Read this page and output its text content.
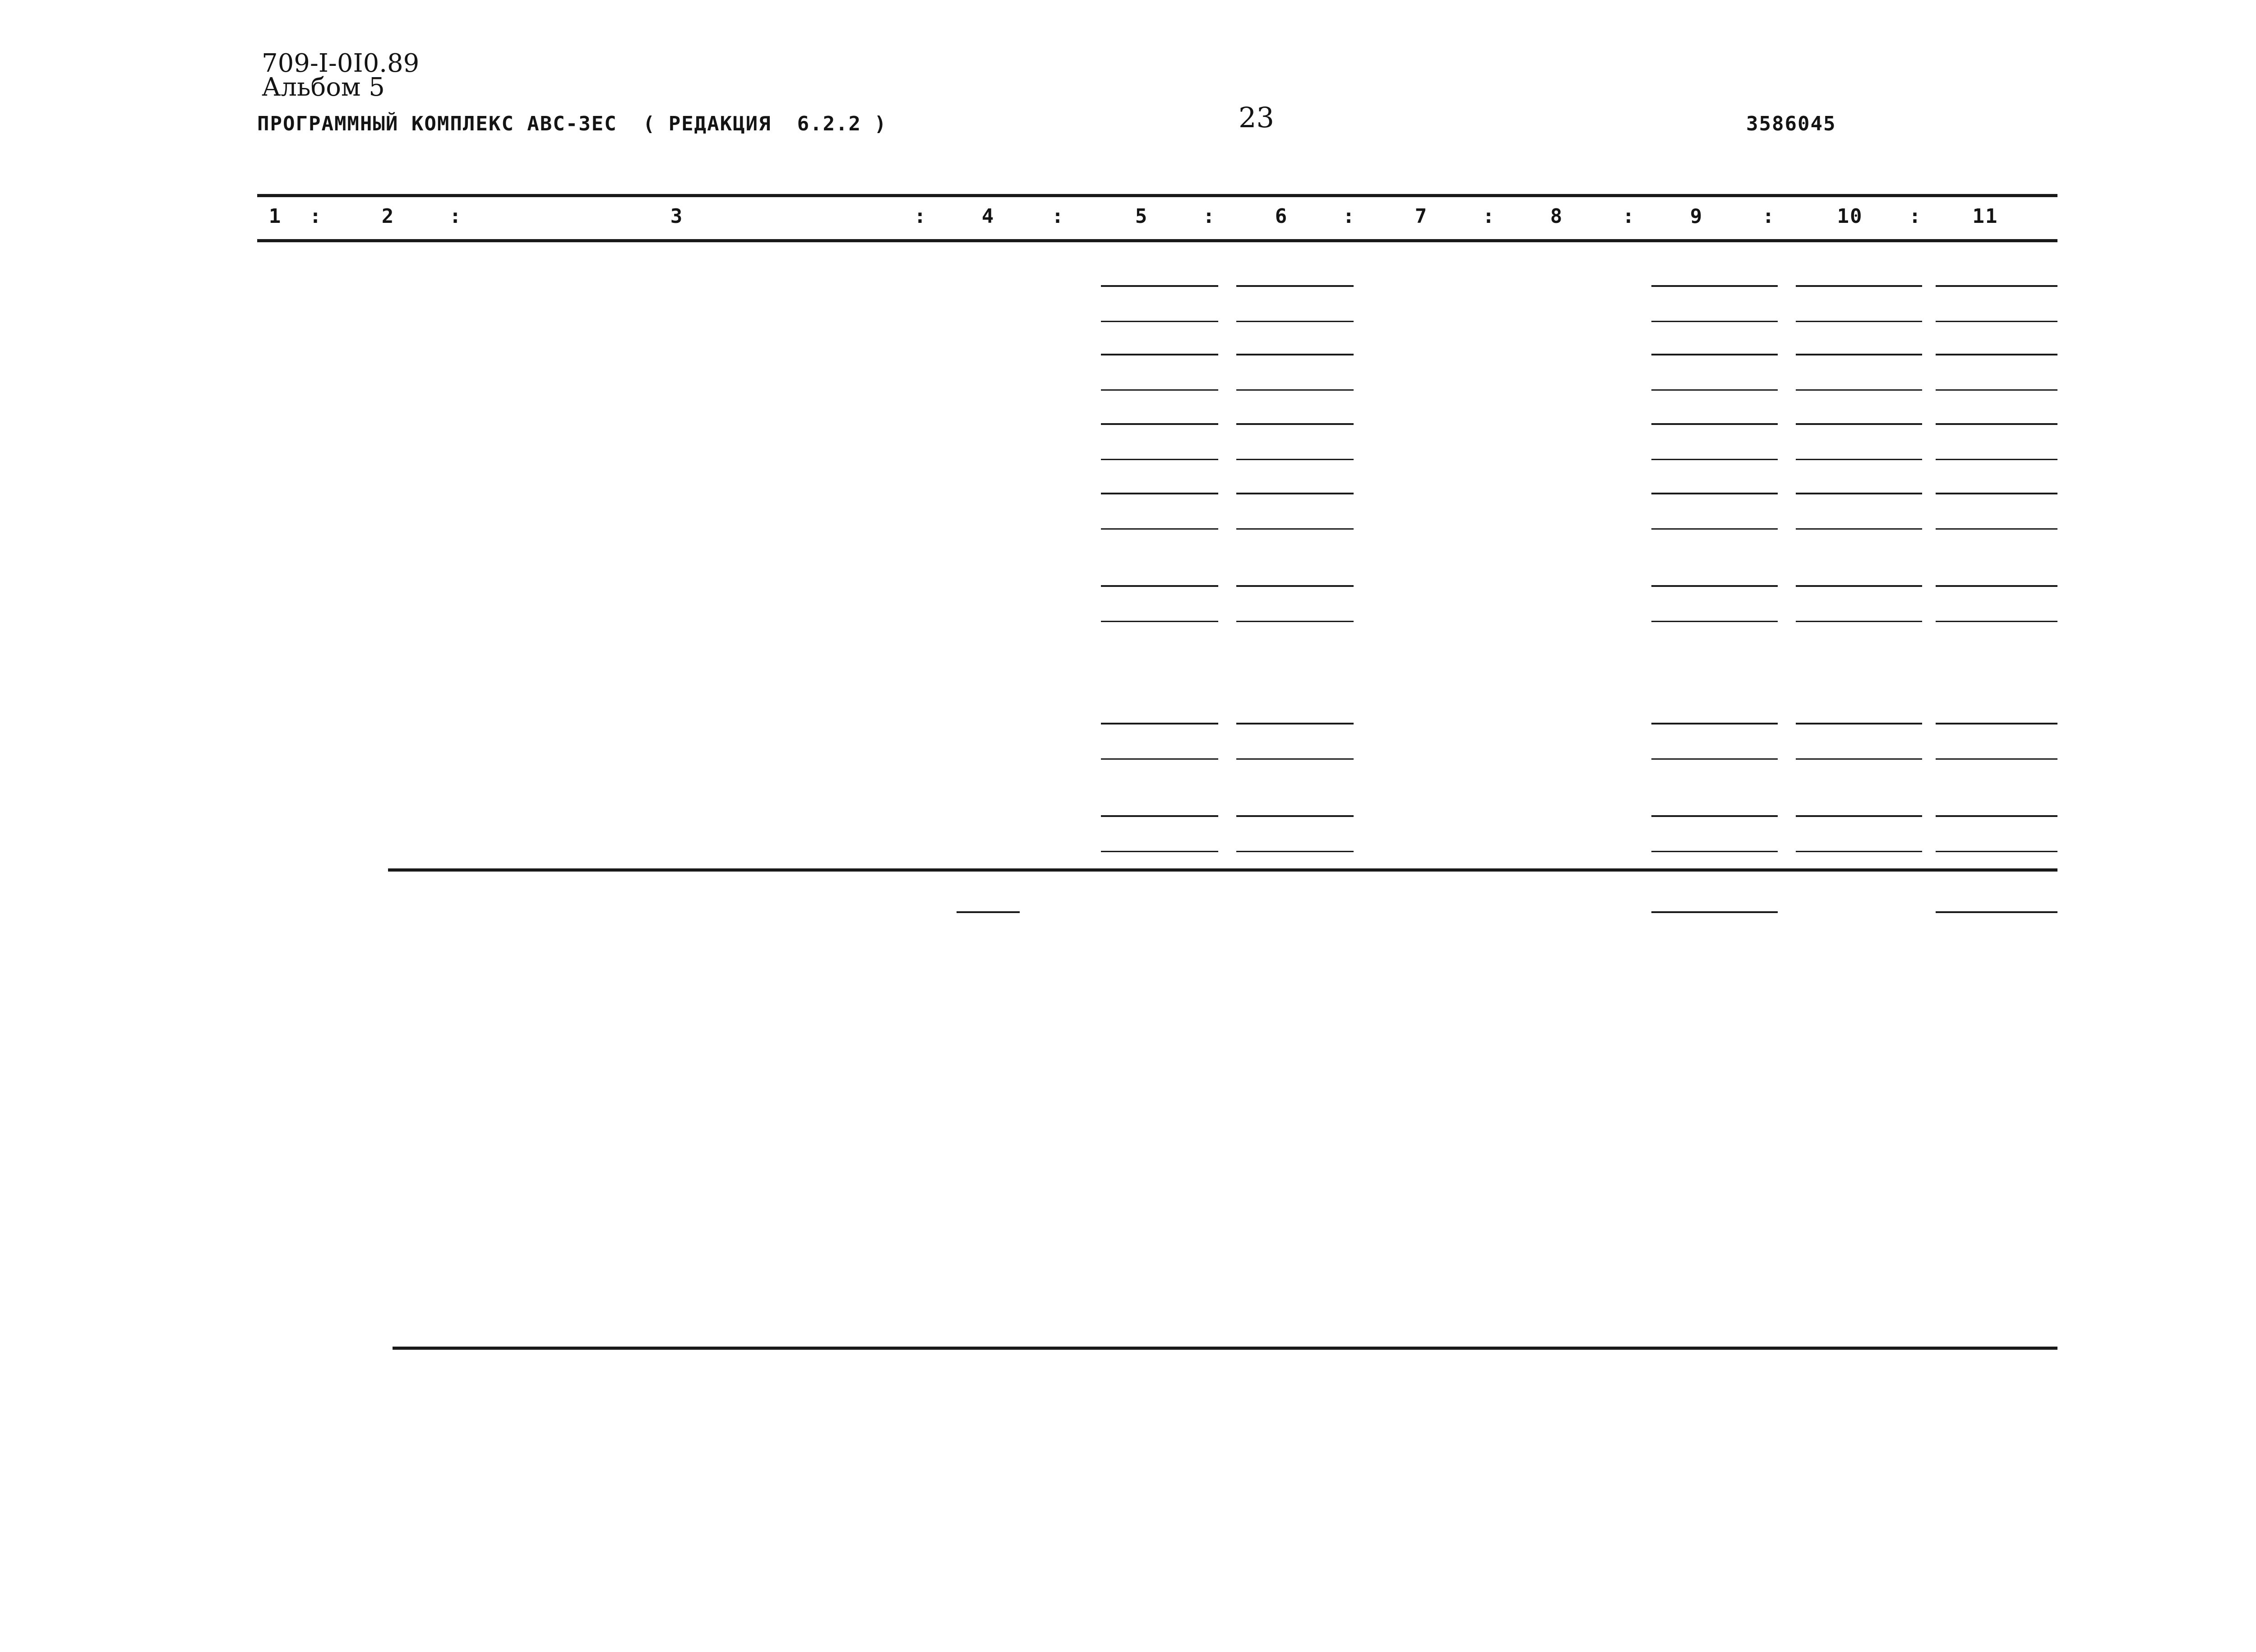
709-I-0I0.89
Альбом 5
ПРОГРАММНЫЙ КОМПЛЕКС АВС-ЗЕС  ( РЕДАКЦИЯ  6.2.2 )	23	3586045
1	:	2	:	3	:	4	:	5	:	6	:	7	:	8	:	9	:	10	:	11
